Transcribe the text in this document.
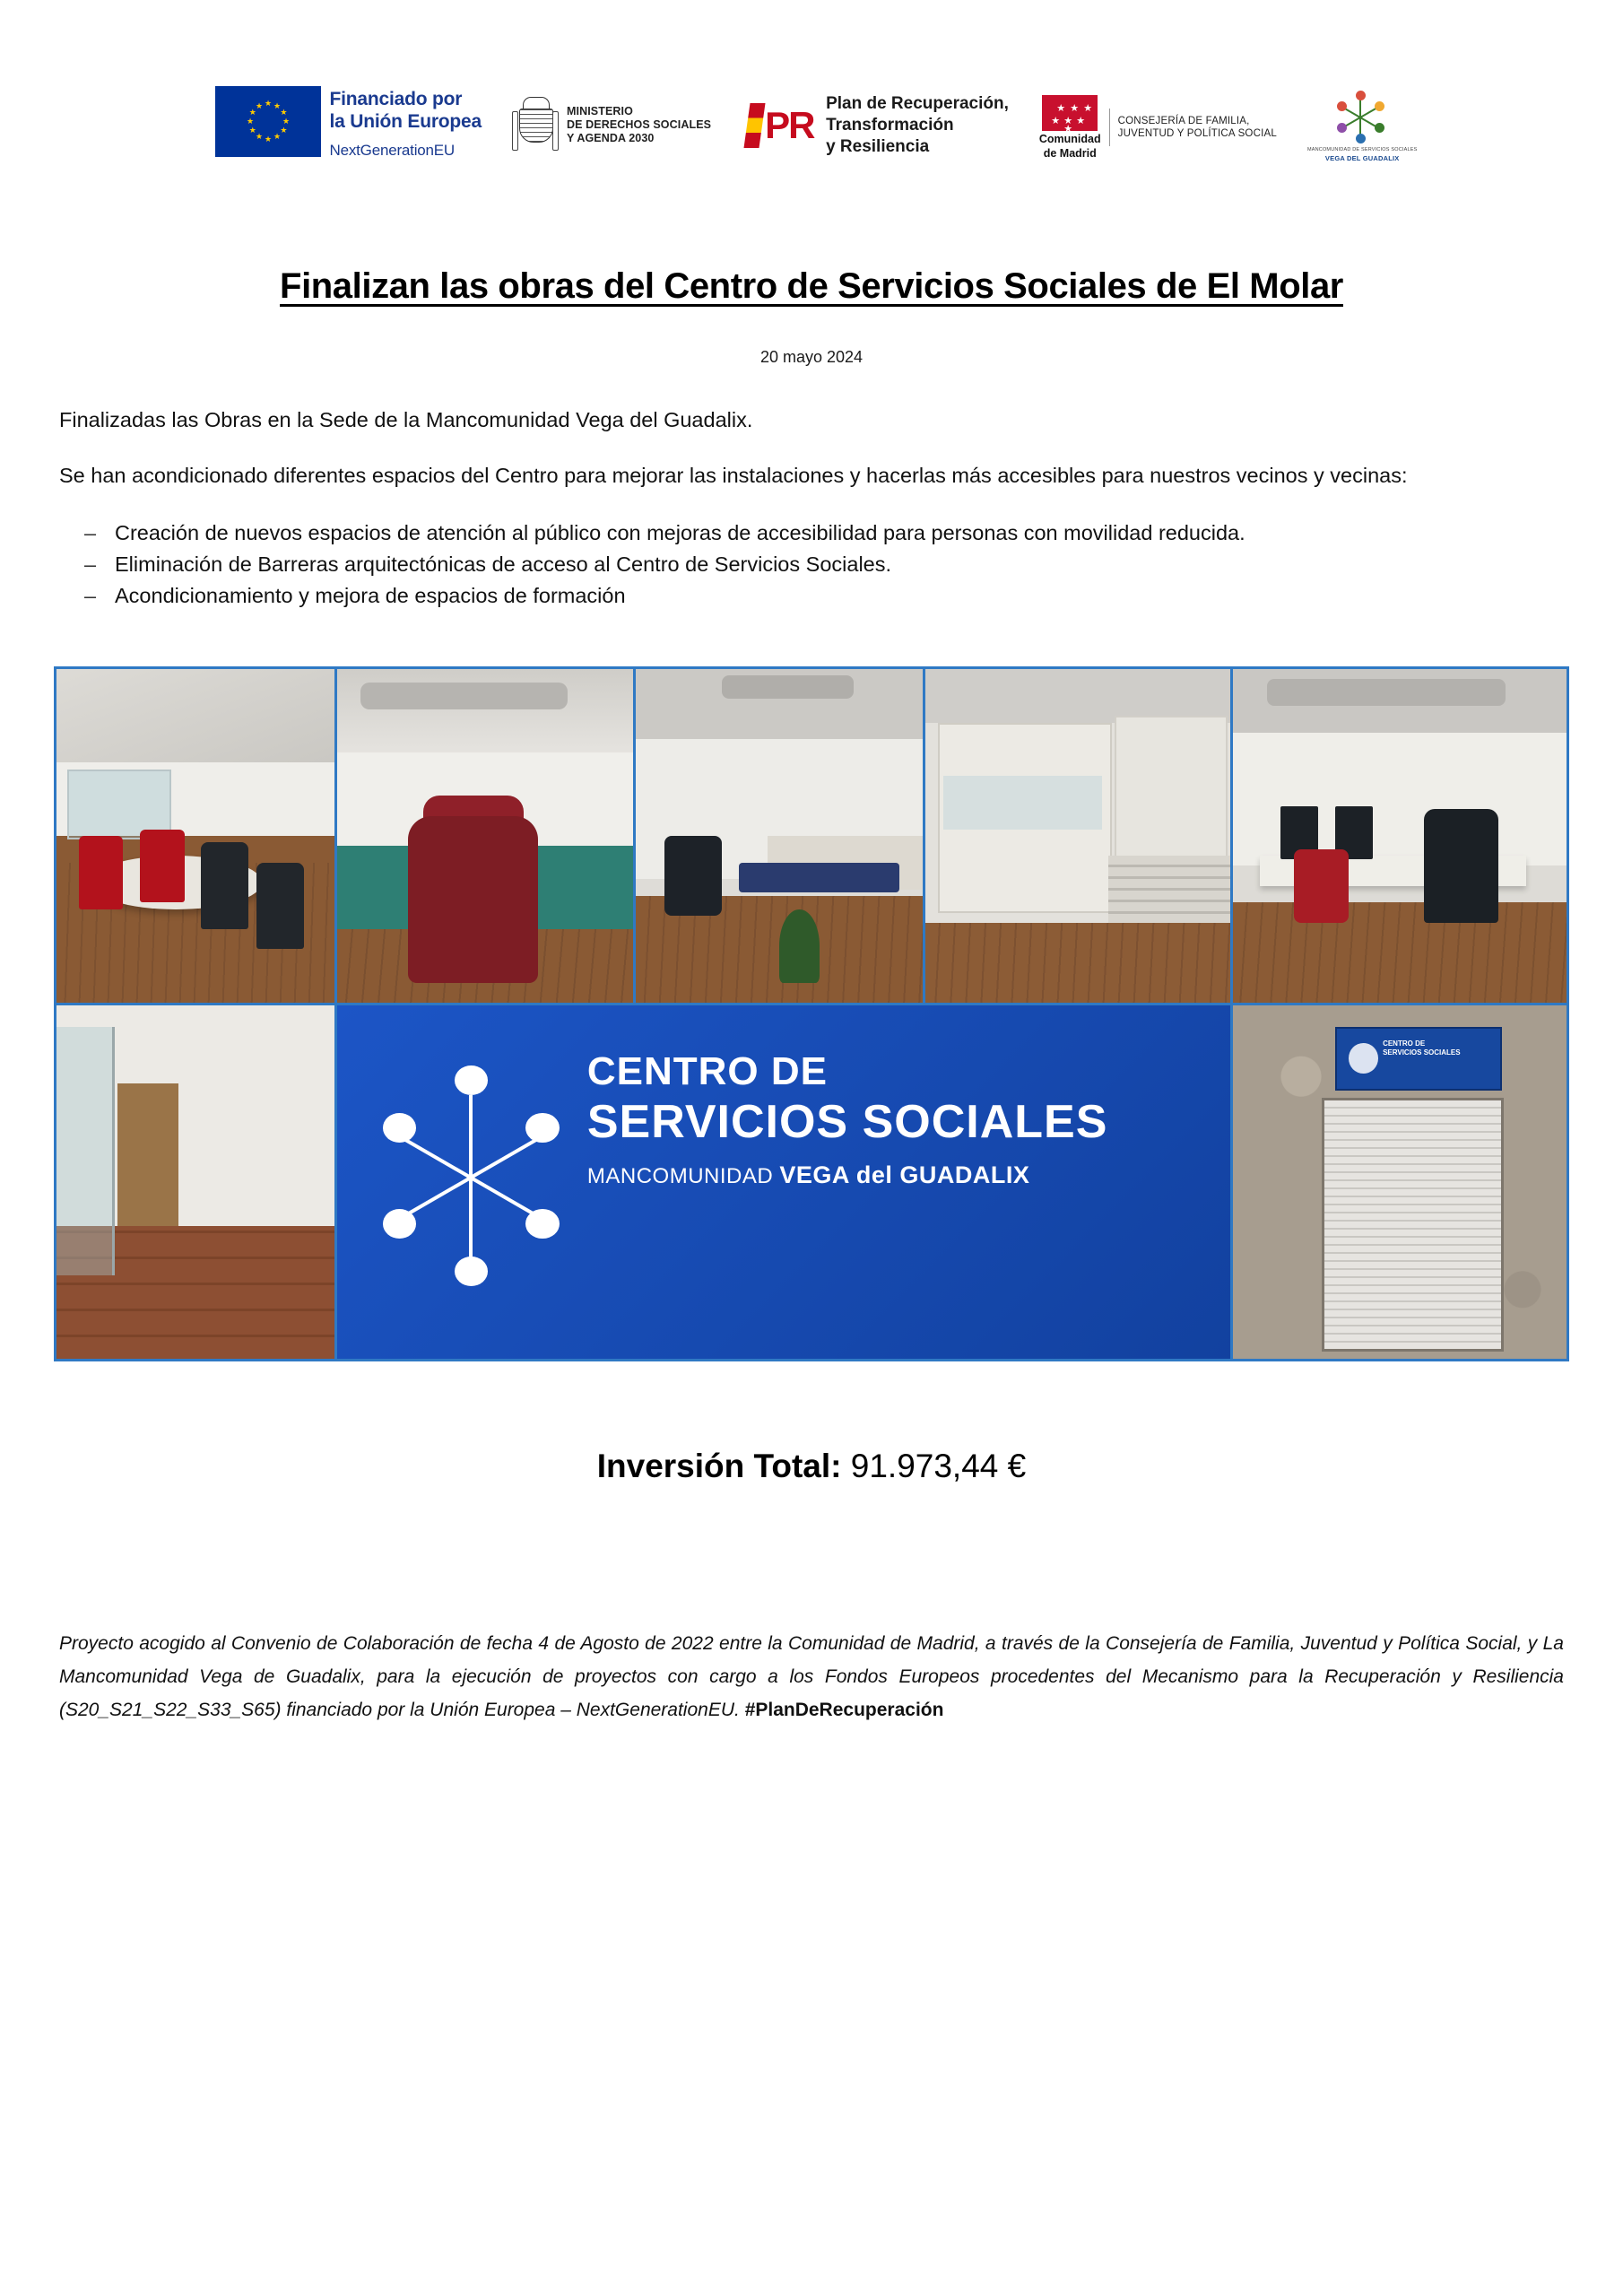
★ ★
★
★
★
★
★
★
★
★
★
★	Financiado por
la Unión Europea
NextGenerationEU
MINISTERIO
DE DERECHOS SOCIALES
Y AGENDA 2030	PR
Plan de Recuperación,
Transformación
y Resiliencia
★ ★ ★
★ ★ ★
★
Comunidad
de Madrid
CONSEJERÍA DE FAMILIA,
JUVENTUD Y POLÍTICA SOCIAL
MANCOMUNIDAD DE SERVICIOS SOCIALES
VEGA DEL GUADALIX
Finalizan las obras del Centro de Servicios Sociales de El Molar
20 mayo 2024

Finalizadas las Obras en la Sede de la Mancomunidad Vega del Guadalix.

Se han acondicionado diferentes espacios del Centro para mejorar las instalaciones y hacerlas más accesibles para nuestros vecinos y vecinas:

– Creación de nuevos espacios de atención al público con mejoras de accesibilidad para personas con movilidad reducida.
– Eliminación de Barreras arquitectónicas de acceso al Centro de Servicios Sociales.
– Acondicionamiento y mejora de espacios de formación
CENTRO DE
SERVICIOS SOCIALES
MANCOMUNIDAD VEGA del GUADALIX
CENTRO DE
SERVICIOS SOCIALES
Inversión Total: 91.973,44 €
Proyecto acogido al Convenio de Colaboración de fecha 4 de Agosto de 2022 entre la Comunidad de Madrid, a través de la Consejería de Familia, Juventud y Política Social, y La Mancomunidad Vega de Guadalix, para la ejecución de proyectos con cargo a los Fondos Europeos procedentes del Mecanismo para la Recuperación y Resiliencia (S20_S21_S22_S33_S65) financiado por la Unión Europea – NextGenerationEU. #PlanDeRecuperación
